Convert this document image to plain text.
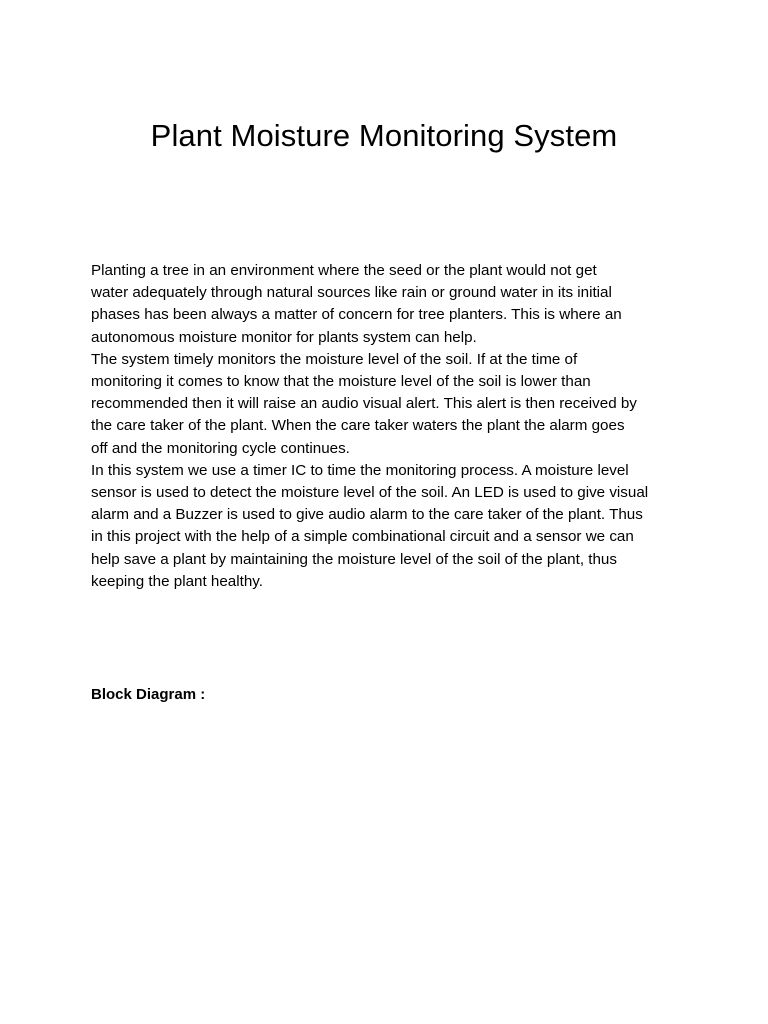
Plant Moisture Monitoring System
Planting a tree in an environment where the seed or the plant would not get
water adequately through natural sources like rain or ground water in its initial
phases has been always a matter of concern for tree planters. This is where an
autonomous moisture monitor for plants system can help.
The system timely monitors the moisture level of the soil. If at the time of
monitoring it comes to know that the moisture level of the soil is lower than
recommended then it will raise an audio visual alert. This alert is then received by
the care taker of the plant. When the care taker waters the plant the alarm goes
off and the monitoring cycle continues.
In this system we use a timer IC to time the monitoring process. A moisture level
sensor is used to detect the moisture level of the soil. An LED is used to give visual
alarm and a Buzzer is used to give audio alarm to the care taker of the plant. Thus
in this project with the help of a simple combinational circuit and a sensor we can
help save a plant by maintaining the moisture level of the soil of the plant, thus
keeping the plant healthy.
Block Diagram :
